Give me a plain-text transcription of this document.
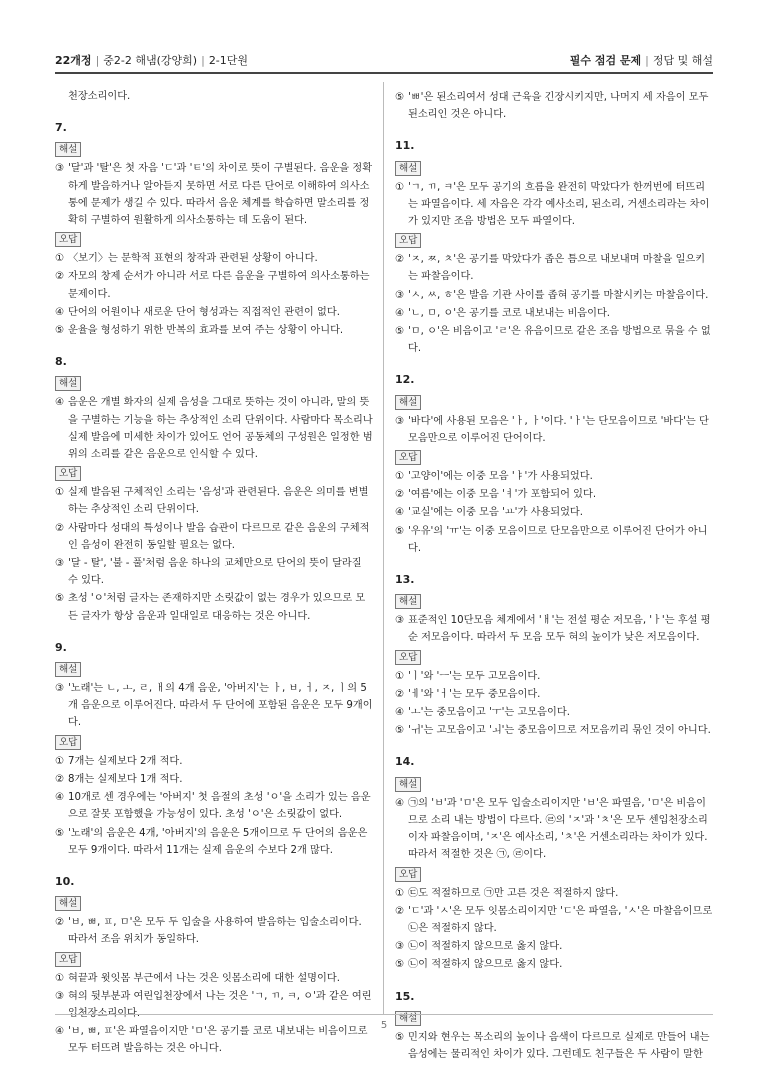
22개정 | 중2-2 해냄(강양희) | 2-1단원	필수 점검 문제 | 정답 및 해설
천장소리이다.
7.
해설
③ '달'과 '탈'은 첫 자음 'ㄷ'과 'ㅌ'의 차이로 뜻이 구별된다. 음운을 정확하게 발음하거나 알아듣지 못하면 서로 다른 단어로 이해하여 의사소통에 문제가 생길 수 있다. 따라서 음운 체계를 학습하면 말소리를 정확히 구별하여 원활하게 의사소통하는 데 도움이 된다.
오답
① 〈보기〉는 문학적 표현의 창작과 관련된 상황이 아니다.
② 자모의 창제 순서가 아니라 서로 다른 음운을 구별하여 의사소통하는 문제이다.
④ 단어의 어원이나 새로운 단어 형성과는 직접적인 관련이 없다.
⑤ 운율을 형성하기 위한 반복의 효과를 보여 주는 상황이 아니다.
8.
해설
④ 음운은 개별 화자의 실제 음성을 그대로 뜻하는 것이 아니라, 말의 뜻을 구별하는 기능을 하는 추상적인 소리 단위이다. 사람마다 목소리나 실제 발음에 미세한 차이가 있어도 언어 공동체의 구성원은 일정한 범위의 소리를 같은 음운으로 인식할 수 있다.
오답
① 실제 발음된 구체적인 소리는 '음성'과 관련된다. 음운은 의미를 변별하는 추상적인 소리 단위이다.
② 사람마다 성대의 특성이나 발음 습관이 다르므로 같은 음운의 구체적인 음성이 완전히 동일할 필요는 없다.
③ '달 - 탈', '불 - 풀'처럼 음운 하나의 교체만으로 단어의 뜻이 달라질 수 있다.
⑤ 초성 'ㅇ'처럼 글자는 존재하지만 소릿값이 없는 경우가 있으므로 모든 글자가 항상 음운과 일대일로 대응하는 것은 아니다.
9.
해설
③ '노래'는 ㄴ, ㅗ, ㄹ, ㅐ의 4개 음운, '아버지'는 ㅏ, ㅂ, ㅓ, ㅈ, ㅣ의 5개 음운으로 이루어진다. 따라서 두 단어에 포함된 음운은 모두 9개이다.
오답
① 7개는 실제보다 2개 적다.
② 8개는 실제보다 1개 적다.
④ 10개로 센 경우에는 '아버지' 첫 음절의 초성 'ㅇ'을 소리가 있는 음운으로 잘못 포함했을 가능성이 있다. 초성 'ㅇ'은 소릿값이 없다.
⑤ '노래'의 음운은 4개, '아버지'의 음운은 5개이므로 두 단어의 음운은 모두 9개이다. 따라서 11개는 실제 음운의 수보다 2개 많다.
10.
해설
② 'ㅂ, ㅃ, ㅍ, ㅁ'은 모두 두 입술을 사용하여 발음하는 입술소리이다. 따라서 조음 위치가 동일하다.
오답
① 혀끝과 윗잇몸 부근에서 나는 것은 잇몸소리에 대한 설명이다.
③ 혀의 뒷부분과 여린입천장에서 나는 것은 'ㄱ, ㄲ, ㅋ, ㅇ'과 같은 여린입천장소리이다.
④ 'ㅂ, ㅃ, ㅍ'은 파열음이지만 'ㅁ'은 공기를 코로 내보내는 비음이므로 모두 터뜨려 발음하는 것은 아니다.
⑤ 'ㅃ'은 된소리여서 성대 근육을 긴장시키지만, 나머지 세 자음이 모두 된소리인 것은 아니다.
11.
해설
① 'ㄱ, ㄲ, ㅋ'은 모두 공기의 흐름을 완전히 막았다가 한꺼번에 터뜨리는 파열음이다. 세 자음은 각각 예사소리, 된소리, 거센소리라는 차이가 있지만 조음 방법은 모두 파열이다.
오답
② 'ㅈ, ㅉ, ㅊ'은 공기를 막았다가 좁은 틈으로 내보내며 마찰을 일으키는 파찰음이다.
③ 'ㅅ, ㅆ, ㅎ'은 발음 기관 사이를 좁혀 공기를 마찰시키는 마찰음이다.
④ 'ㄴ, ㅁ, ㅇ'은 공기를 코로 내보내는 비음이다.
⑤ 'ㅁ, ㅇ'은 비음이고 'ㄹ'은 유음이므로 같은 조음 방법으로 묶을 수 없다.
12.
해설
③ '바다'에 사용된 모음은 'ㅏ, ㅏ'이다. 'ㅏ'는 단모음이므로 '바다'는 단모음만으로 이루어진 단어이다.
오답
① '고양이'에는 이중 모음 'ㅑ'가 사용되었다.
② '여름'에는 이중 모음 'ㅕ'가 포함되어 있다.
④ '교실'에는 이중 모음 'ㅛ'가 사용되었다.
⑤ '우유'의 'ㅠ'는 이중 모음이므로 단모음만으로 이루어진 단어가 아니다.
13.
해설
③ 표준적인 10단모음 체계에서 'ㅐ'는 전설 평순 저모음, 'ㅏ'는 후설 평순 저모음이다. 따라서 두 모음 모두 혀의 높이가 낮은 저모음이다.
오답
① 'ㅣ'와 'ㅡ'는 모두 고모음이다.
② 'ㅔ'와 'ㅓ'는 모두 중모음이다.
④ 'ㅗ'는 중모음이고 'ㅜ'는 고모음이다.
⑤ 'ㅟ'는 고모음이고 'ㅚ'는 중모음이므로 저모음끼리 묶인 것이 아니다.
14.
해설
④ ㉠의 'ㅂ'과 'ㅁ'은 모두 입술소리이지만 'ㅂ'은 파열음, 'ㅁ'은 비음이므로 소리 내는 방법이 다르다. ㉣의 'ㅈ'과 'ㅊ'은 모두 센입천장소리이자 파찰음이며, 'ㅈ'은 예사소리, 'ㅊ'은 거센소리라는 차이가 있다. 따라서 적절한 것은 ㉠, ㉣이다.
오답
① ㉢도 적절하므로 ㉠만 고른 것은 적절하지 않다.
② 'ㄷ'과 'ㅅ'은 모두 잇몸소리이지만 'ㄷ'은 파열음, 'ㅅ'은 마찰음이므로 ㉡은 적절하지 않다.
③ ㉡이 적절하지 않으므로 옳지 않다.
⑤ ㉡이 적절하지 않으므로 옳지 않다.
15.
해설
⑤ 민지와 현우는 목소리의 높이나 음색이 다르므로 실제로 만들어 내는 음성에는 물리적인 차이가 있다. 그런데도 친구들은 두 사람이 말한
5
